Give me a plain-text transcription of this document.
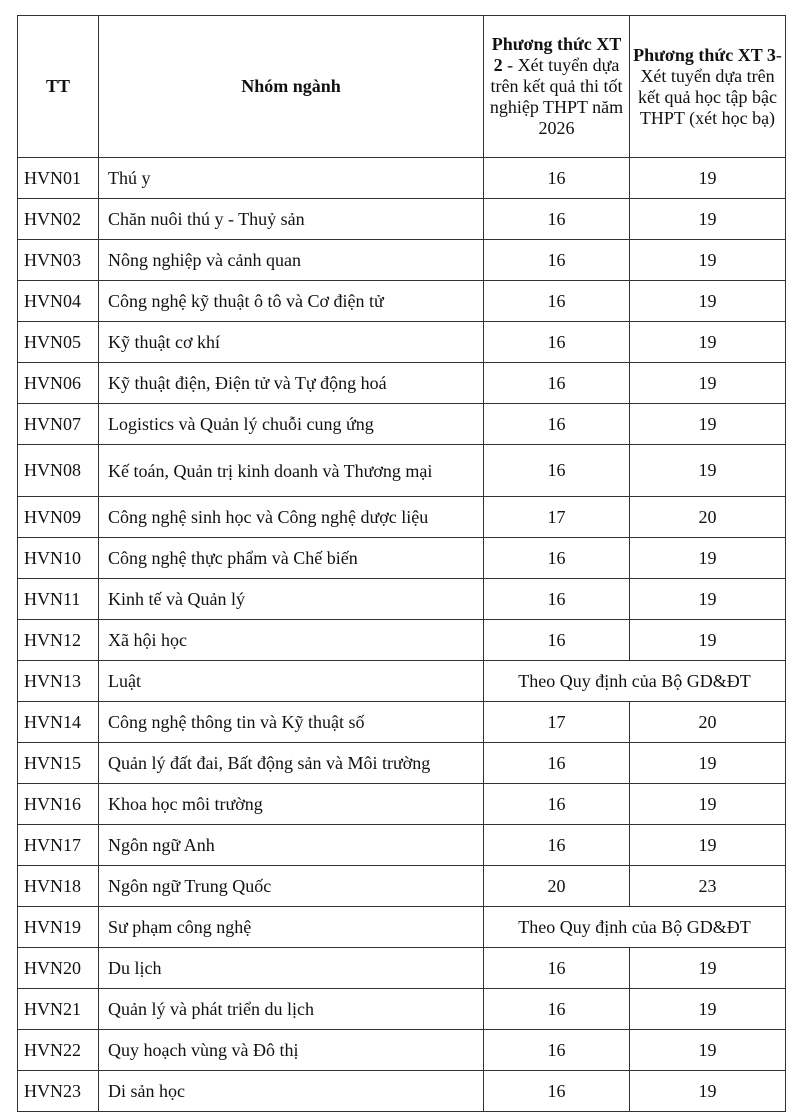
TT	Nhóm ngành	Phương thức XT 2 - Xét tuyển dựa trên kết quả thi tốt nghiệp THPT năm 2026	Phương thức XT 3-Xét tuyển dựa trên kết quả học tập bậc THPT (xét học bạ)
HVN01	Thú y	16	19
HVN02	Chăn nuôi thú y - Thuỷ sản	16	19
HVN03	Nông nghiệp và cảnh quan	16	19
HVN04	Công nghệ kỹ thuật ô tô và Cơ điện tử	16	19
HVN05	Kỹ thuật cơ khí	16	19
HVN06	Kỹ thuật điện, Điện tử và Tự động hoá	16	19
HVN07	Logistics và Quản lý chuỗi cung ứng	16	19
HVN08	Kế toán, Quản trị kinh doanh và Thương mại	16	19
HVN09	Công nghệ sinh học và Công nghệ dược liệu	17	20
HVN10	Công nghệ thực phẩm và Chế biến	16	19
HVN11	Kinh tế và Quản lý	16	19
HVN12	Xã hội học	16	19
HVN13	Luật	Theo Quy định của Bộ GD&ĐT	
HVN14	Công nghệ thông tin và Kỹ thuật số	17	20
HVN15	Quản lý đất đai, Bất động sản và Môi trường	16	19
HVN16	Khoa học môi trường	16	19
HVN17	Ngôn ngữ Anh	16	19
HVN18	Ngôn ngữ Trung Quốc	20	23
HVN19	Sư phạm công nghệ	Theo Quy định của Bộ GD&ĐT	
HVN20	Du lịch	16	19
HVN21	Quản lý và phát triển du lịch	16	19
HVN22	Quy hoạch vùng và Đô thị	16	19
HVN23	Di sản học	16	19
